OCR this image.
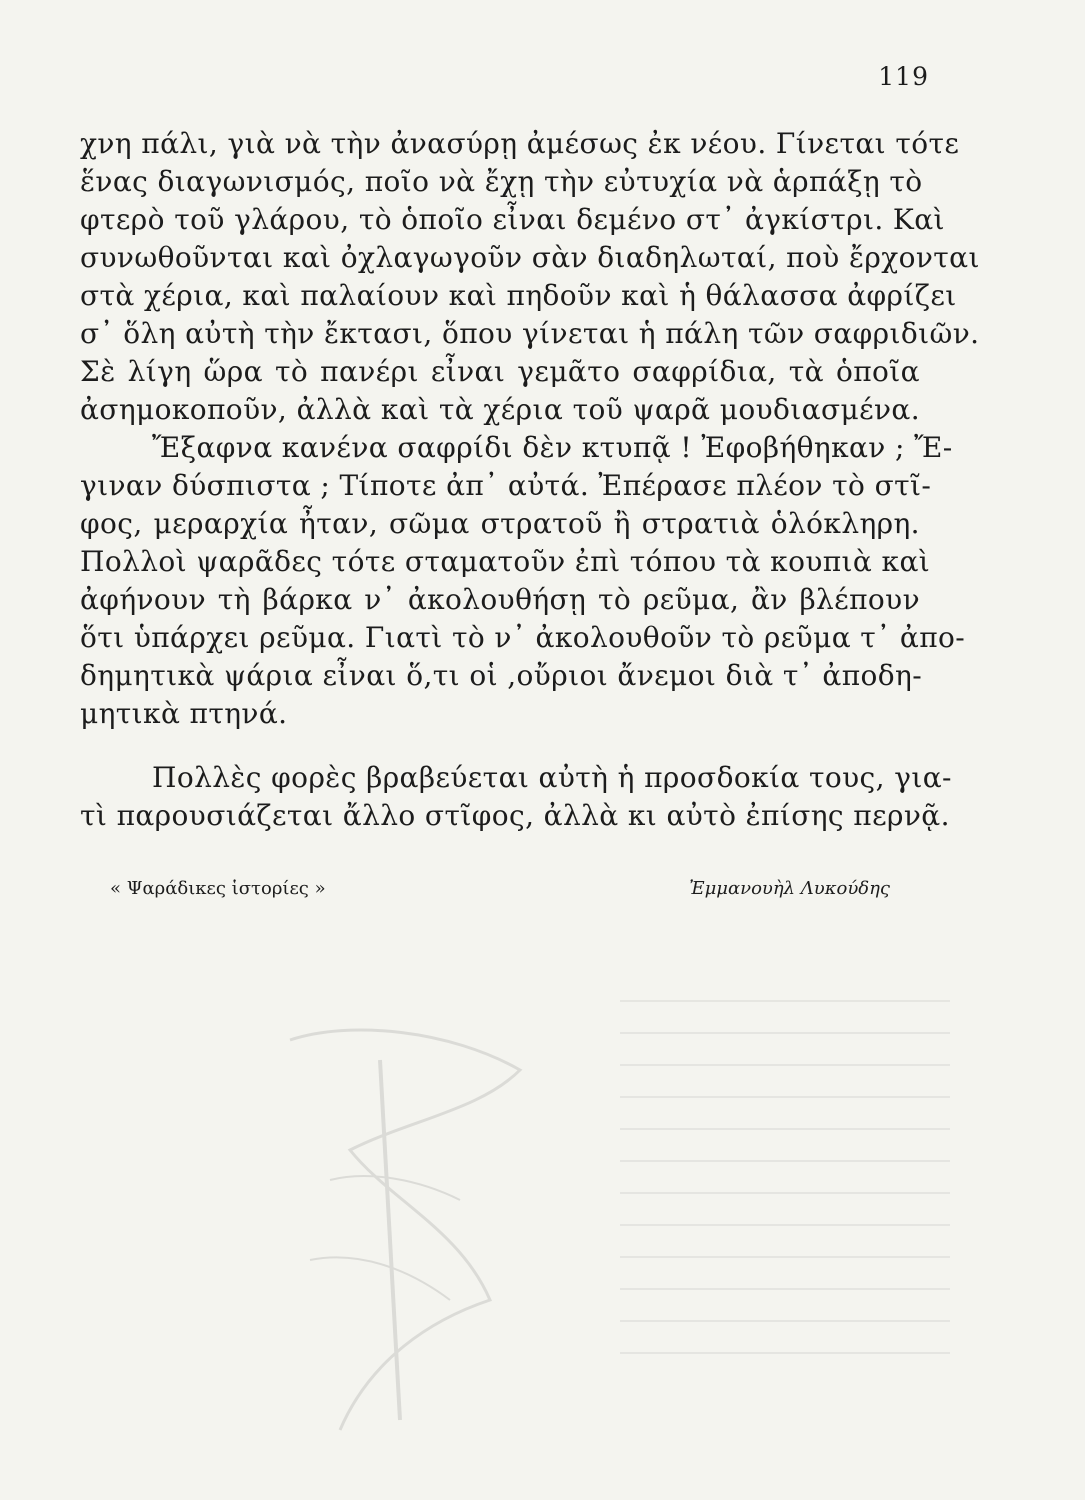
119
χνη πάλι, γιὰ νὰ τὴν ἀνασύρῃ ἀμέσως ἐκ νέου. Γίνεται τότε
ἕνας διαγωνισμός, ποῖο νὰ ἔχῃ τὴν εὐτυχία νὰ ἁρπάξῃ τὸ
φτερὸ τοῦ γλάρου, τὸ ὁποῖο εἶναι δεμένο στ᾽ ἀγκίστρι. Καὶ
συνωθοῦνται καὶ ὀχλαγωγοῦν σὰν διαδηλωταί, ποὺ ἔρχονται
στὰ χέρια, καὶ παλαίουν καὶ πηδοῦν καὶ ἡ θάλασσα ἀφρίζει
σ᾽ ὅλη αὐτὴ τὴν ἔκτασι, ὅπου γίνεται ἡ πάλη τῶν σαφριδιῶν.
Σὲ λίγη ὥρα τὸ πανέρι εἶναι γεμᾶτο σαφρίδια, τὰ ὁποῖα
ἀσημοκοποῦν, ἀλλὰ καὶ τὰ χέρια τοῦ ψαρᾶ μουδιασμένα.
Ἔξαφνα κανένα σαφρίδι δὲν κτυπᾷ ! Ἐφοβήθηκαν ; Ἔ-
γιναν δύσπιστα ; Τίποτε ἀπ᾽ αὐτά. Ἐπέρασε πλέον τὸ στῖ-
φος, μεραρχία ἦταν, σῶμα στρατοῦ ἢ στρατιὰ ὁλόκληρη.
Πολλοὶ ψαρᾶδες τότε σταματοῦν ἐπὶ τόπου τὰ κουπιὰ καὶ
ἀφήνουν τὴ βάρκα ν᾽ ἀκολουθήσῃ τὸ ρεῦμα, ἂν βλέπουν
ὅτι ὑπάρχει ρεῦμα. Γιατὶ τὸ ν᾽ ἀκολουθοῦν τὸ ρεῦμα τ᾽ ἀπο-
δημητικὰ ψάρια εἶναι ὅ,τι οἱ ,οὔριοι ἄνεμοι διὰ τ᾽ ἀποδη-
μητικὰ πτηνά.
Πολλὲς φορὲς βραβεύεται αὐτὴ ἡ προσδοκία τους, για-
τὶ παρουσιάζεται ἄλλο στῖφος, ἀλλὰ κι αὐτὸ ἐπίσης περνᾷ.
« Ψαράδικες ἱστορίες »	Ἐμμανουὴλ Λυκούδης
